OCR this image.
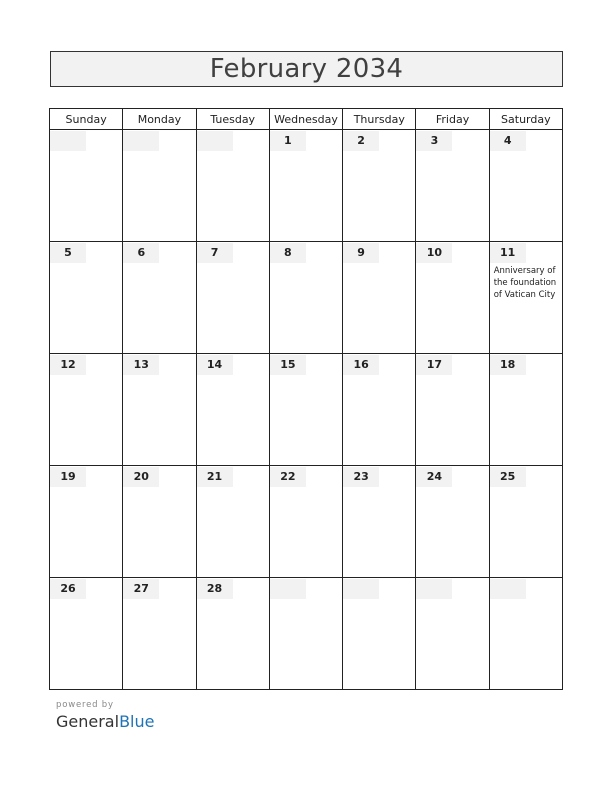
February 2034
Sunday	Monday	Tuesday	Wednesday	Thursday	Friday	Saturday

			1	2	3	4

5	6	7	8	9	10	11
Anniversary of the foundation of Vatican City

12	13	14	15	16	17	18

19	20	21	22	23	24	25

26	27	28				

powered by
GeneralBlue
